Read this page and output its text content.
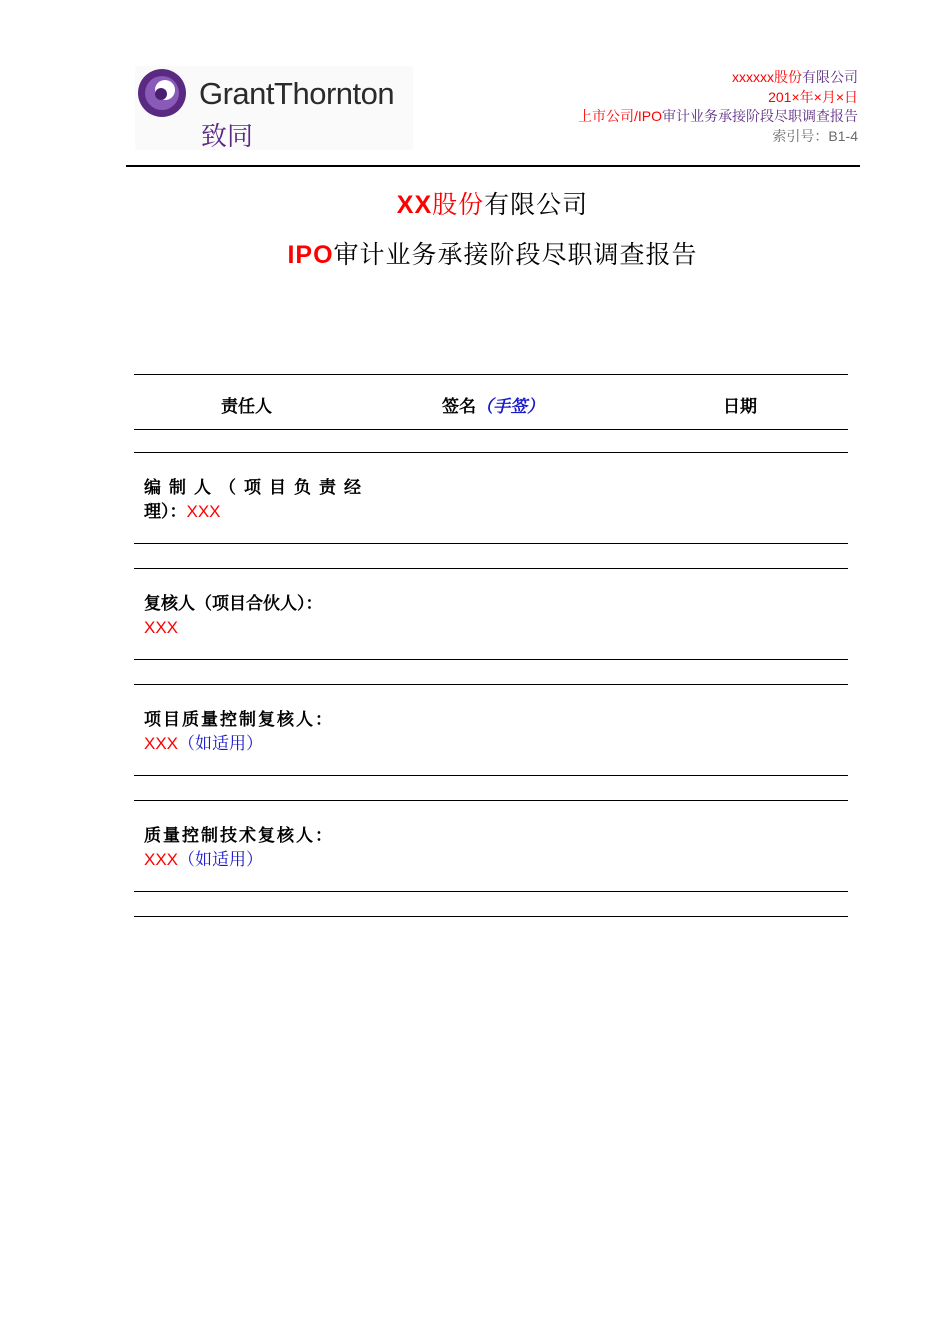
GrantThornton
致同
xxxxxx股份有限公司
201×年×月×日
上市公司/IPO审计业务承接阶段尽职调查报告
索引号：B1-4
XX股份有限公司
IPO审计业务承接阶段尽职调查报告
责任人	签名（手签）	日期
编制人（项目负责经
理）：XXX
复核人（项目合伙人）：
XXX
项目质量控制复核人：
XXX（如适用）
质量控制技术复核人：
XXX（如适用）
